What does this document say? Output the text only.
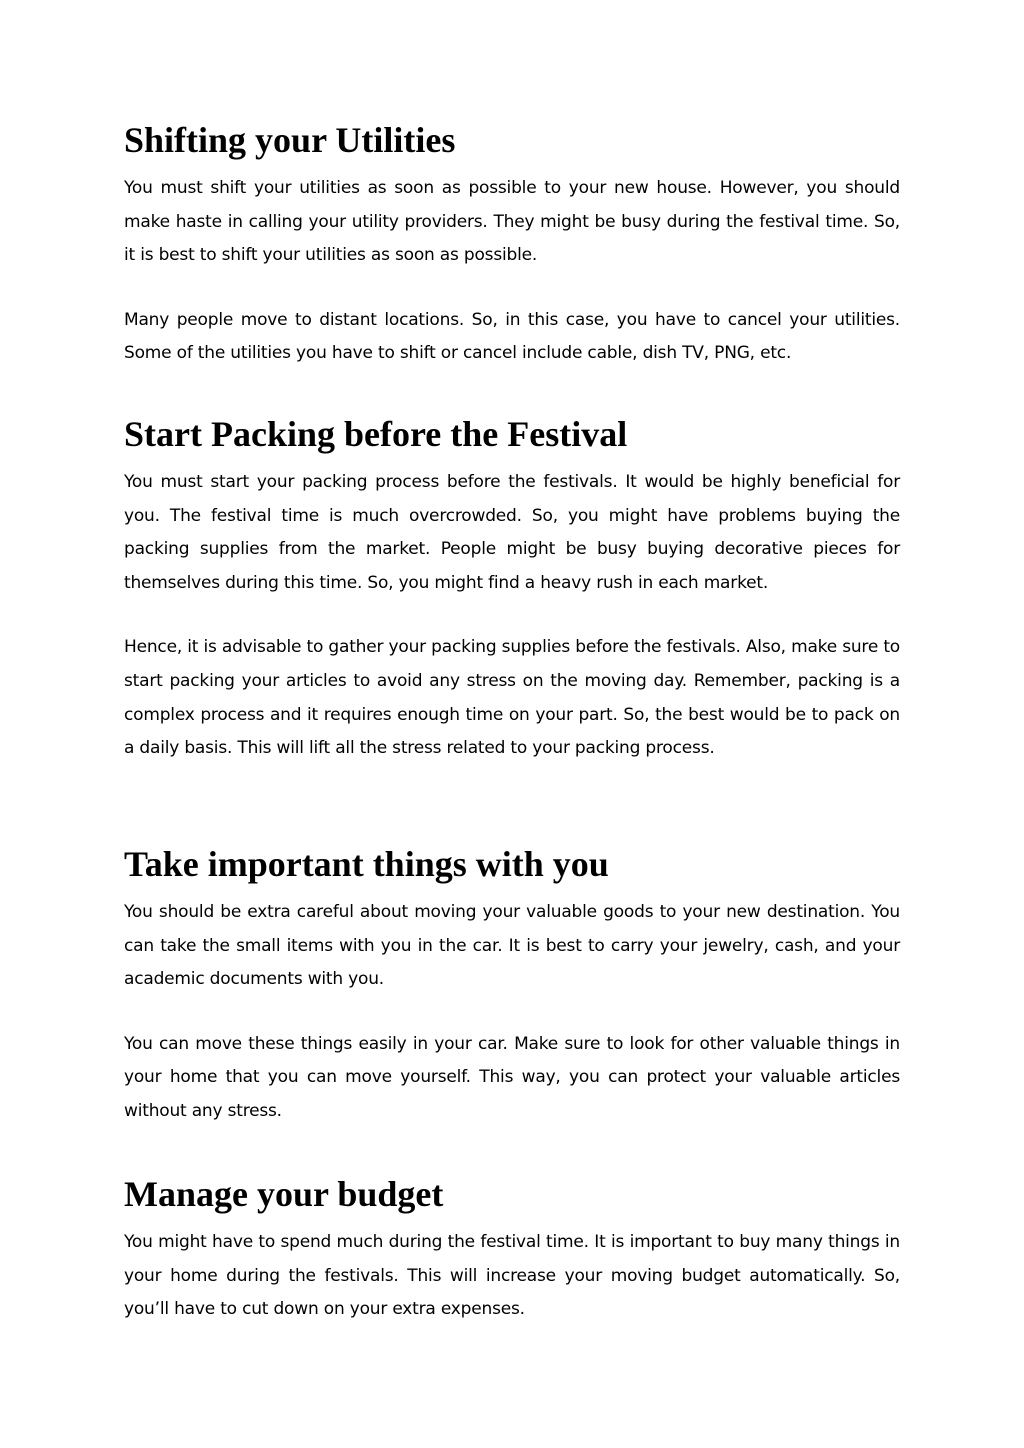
Shifting your Utilities

You must shift your utilities as soon as possible to your new house. However, you should make haste in calling your utility providers. They might be busy during the festival time. So, it is best to shift your utilities as soon as possible.

Many people move to distant locations. So, in this case, you have to cancel your utilities. Some of the utilities you have to shift or cancel include cable, dish TV, PNG, etc.

Start Packing before the Festival

You must start your packing process before the festivals. It would be highly beneficial for you. The festival time is much overcrowded. So, you might have problems buying the packing supplies from the market. People might be busy buying decorative pieces for themselves during this time. So, you might find a heavy rush in each market.

Hence, it is advisable to gather your packing supplies before the festivals. Also, make sure to start packing your articles to avoid any stress on the moving day. Remember, packing is a complex process and it requires enough time on your part. So, the best would be to pack on a daily basis. This will lift all the stress related to your packing process.

Take important things with you

You should be extra careful about moving your valuable goods to your new destination. You can take the small items with you in the car. It is best to carry your jewelry, cash, and your academic documents with you.

You can move these things easily in your car. Make sure to look for other valuable things in your home that you can move yourself. This way, you can protect your valuable articles without any stress.

Manage your budget

You might have to spend much during the festival time. It is important to buy many things in your home during the festivals. This will increase your moving budget automatically. So, you’ll have to cut down on your extra expenses.
